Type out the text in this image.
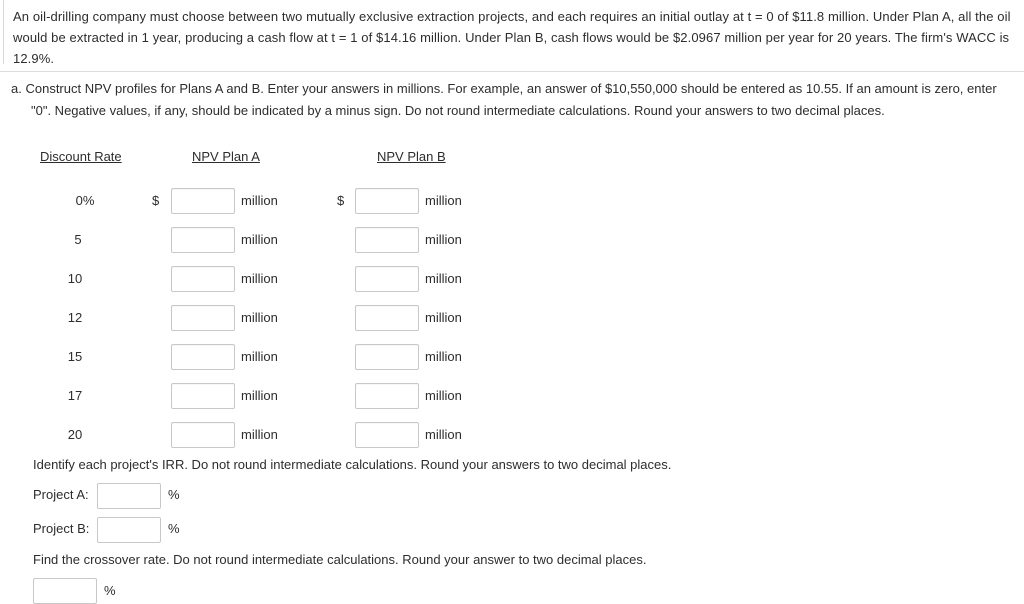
An oil-drilling company must choose between two mutually exclusive extraction projects, and each requires an initial outlay at t = 0 of $11.8 million. Under Plan A, all the oil would be extracted in 1 year, producing a cash flow at t = 1 of $14.16 million. Under Plan B, cash flows would be $2.0967 million per year for 20 years. The firm's WACC is 12.9%.
a. Construct NPV profiles for Plans A and B. Enter your answers in millions. For example, an answer of $10,550,000 should be entered as 10.55. If an amount is zero, enter "0". Negative values, if any, should be indicated by a minus sign. Do not round intermediate calculations. Round your answers to two decimal places.
Discount Rate	NPV Plan A	NPV Plan B
0%	$	million	$	million
5	million	million
10	million	million
12	million	million
15	million	million
17	million	million
20	million	million
Identify each project's IRR. Do not round intermediate calculations. Round your answers to two decimal places.
Project A:	%
Project B:	%
Find the crossover rate. Do not round intermediate calculations. Round your answer to two decimal places.
%
